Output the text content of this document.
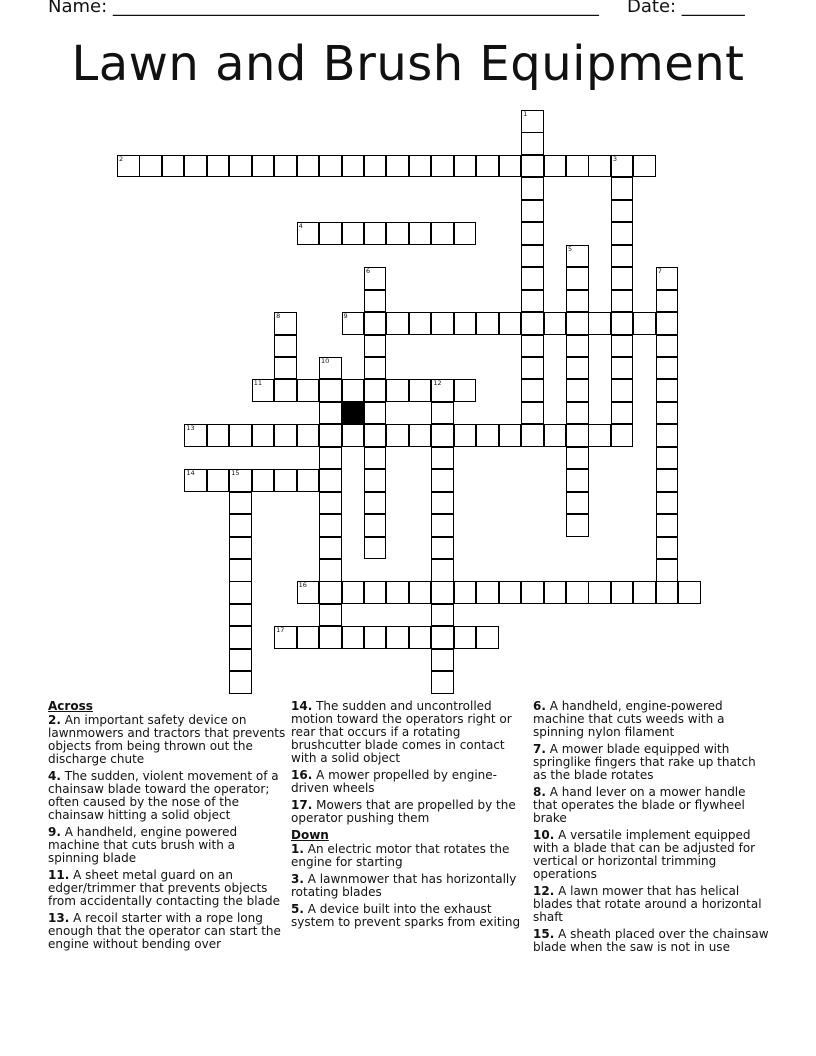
Name: ______________________________________________________ Date: _______
Lawn and Brush Equipment
2	3
4
9
11	12
13
14	15
16
17
1
5
6	7
8
10
Across
2. An important safety device on lawnmowers and tractors that prevents objects from being thrown out the discharge chute
4. The sudden, violent movement of a chainsaw blade toward the operator; often caused by the nose of the chainsaw hitting a solid object
9. A handheld, engine powered machine that cuts brush with a spinning blade
11. A sheet metal guard on an edger/trimmer that prevents objects from accidentally contacting the blade
13. A recoil starter with a rope long enough that the operator can start the engine without bending over
14. The sudden and uncontrolled motion toward the operators right or rear that occurs if a rotating brushcutter blade comes in contact with a solid object
16. A mower propelled by engine-driven wheels
17. Mowers that are propelled by the operator pushing them
Down
1. An electric motor that rotates the engine for starting
3. A lawnmower that has horizontally rotating blades
5. A device built into the exhaust system to prevent sparks from exiting
6. A handheld, engine-powered machine that cuts weeds with a spinning nylon filament
7. A mower blade equipped with springlike fingers that rake up thatch as the blade rotates
8. A hand lever on a mower handle that operates the blade or flywheel brake
10. A versatile implement equipped with a blade that can be adjusted for vertical or horizontal trimming operations
12. A lawn mower that has helical blades that rotate around a horizontal shaft
15. A sheath placed over the chainsaw blade when the saw is not in use
